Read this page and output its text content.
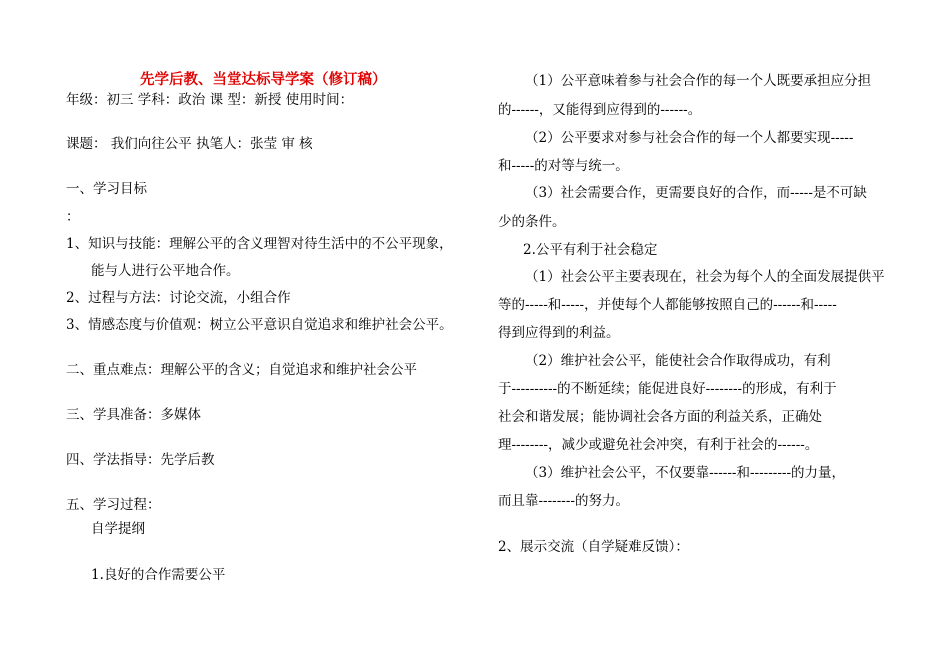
先学后教、当堂达标导学案（修订稿）
年级：初三 学科：政治 课 型：新授 使用时间：
课题： 我们向往公平 执笔人：张莹 审 核
一、学习目标
：
1、知识与技能：理解公平的含义理智对待生活中的不公平现象，
能与人进行公平地合作。
2、过程与方法：讨论交流，小组合作
3、情感态度与价值观：树立公平意识自觉追求和维护社会公平。
二、重点难点：理解公平的含义；自觉追求和维护社会公平
三、学具准备：多媒体
四、学法指导：先学后教
五、学习过程：
自学提纲
1.良好的合作需要公平
（1）公平意味着参与社会合作的每一个人既要承担应分担
的------，又能得到应得到的------。
（2）公平要求对参与社会合作的每一个人都要实现-----
和-----的对等与统一。
（3）社会需要合作，更需要良好的合作，而-----是不可缺
少的条件。
2.公平有利于社会稳定
（1）社会公平主要表现在，社会为每个人的全面发展提供平
等的-----和-----，并使每个人都能够按照自己的------和-----
得到应得到的利益。
（2）维护社会公平，能使社会合作取得成功，有利
于----------的不断延续；能促进良好--------的形成，有利于
社会和谐发展；能协调社会各方面的利益关系，正确处
理--------，减少或避免社会冲突，有利于社会的------。
（3）维护社会公平，不仅要靠------和---------的力量，
而且靠--------的努力。
2、展示交流（自学疑难反馈）：
